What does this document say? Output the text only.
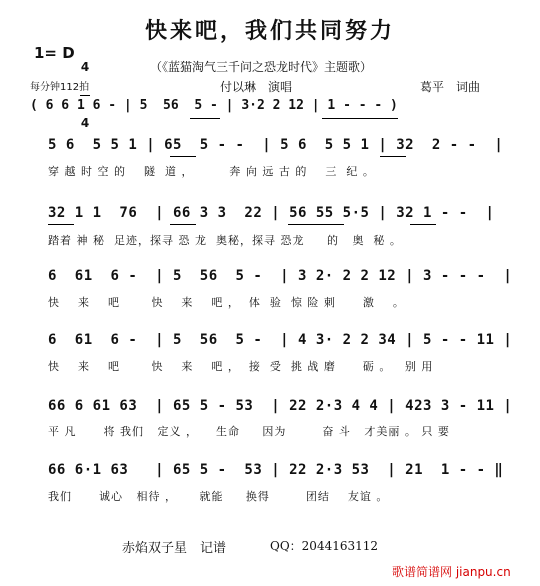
快来吧，我们共同努力
1= D

4

4

（《蓝猫淘气三千问之恐龙时代》主题歌）
每分钟112拍	付以琳　演唱	葛平　词曲
( 6 6 1 6 - | 5  56  5 - | 3·2 2 12 | 1 - - - )
5 6  5 5 1 | 65  5 - -  | 5 6  5 5 1 | 32  2 - -  |
穿 越 时 空 的    隧  道 ，        奔 向 远 古 的    三  纪 。
32 1 1  76  | 66 3 3  22 | 56 55 5·5 | 32 1 - -  |
踏着 神 秘  足迹，探寻 恐 龙  奥秘，探寻 恐龙     的   奥  秘 。
6  61  6 -  | 5  56  5 -  | 3 2· 2 2 12 | 3 - - -  |
快    来    吧       快    来    吧 ，  体  验  惊 险 刺      激    。
6  61  6 -  | 5  56  5 -  | 4 3· 2 2 34 | 5 - - 11 |
快    来    吧       快    来    吧 ，  接  受  挑 战 磨      砺 。   别 用
66 6 61 63  | 65 5 - 53  | 22 2·3 4 4 | 423 3 - 11 |
平 凡      将 我们   定义 ，    生命     因为        奋 斗   才美丽 。 只 要
66 6·1 63   | 65 5 -  53 | 22 2·3 53  | 21  1 - - ‖
我们      诚心   相待 ，     就能     换得        团结    友谊 。
赤焰双子星　记谱	QQ：2044163112
歌谱简谱网 jianpu.cn
